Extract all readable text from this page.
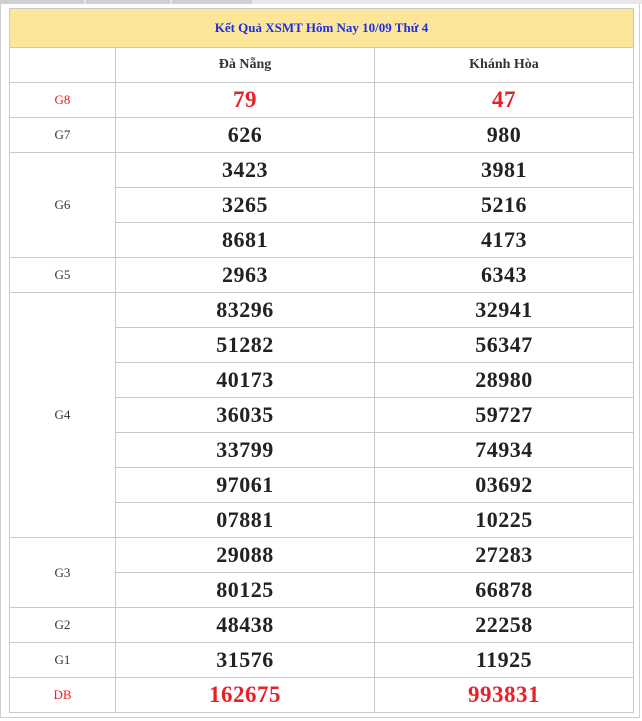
Kết Quả XSMT Hôm Nay 10/09 Thứ 4		
	Đà Nẵng	Khánh Hòa
G8	79	47
G7	626	980
G6	3423	3981
	3265	5216
	8681	4173
G5	2963	6343
G4	83296	32941
	51282	56347
	40173	28980
	36035	59727
	33799	74934
	97061	03692
	07881	10225
G3	29088	27283
	80125	66878
G2	48438	22258
G1	31576	11925
DB	162675	993831
